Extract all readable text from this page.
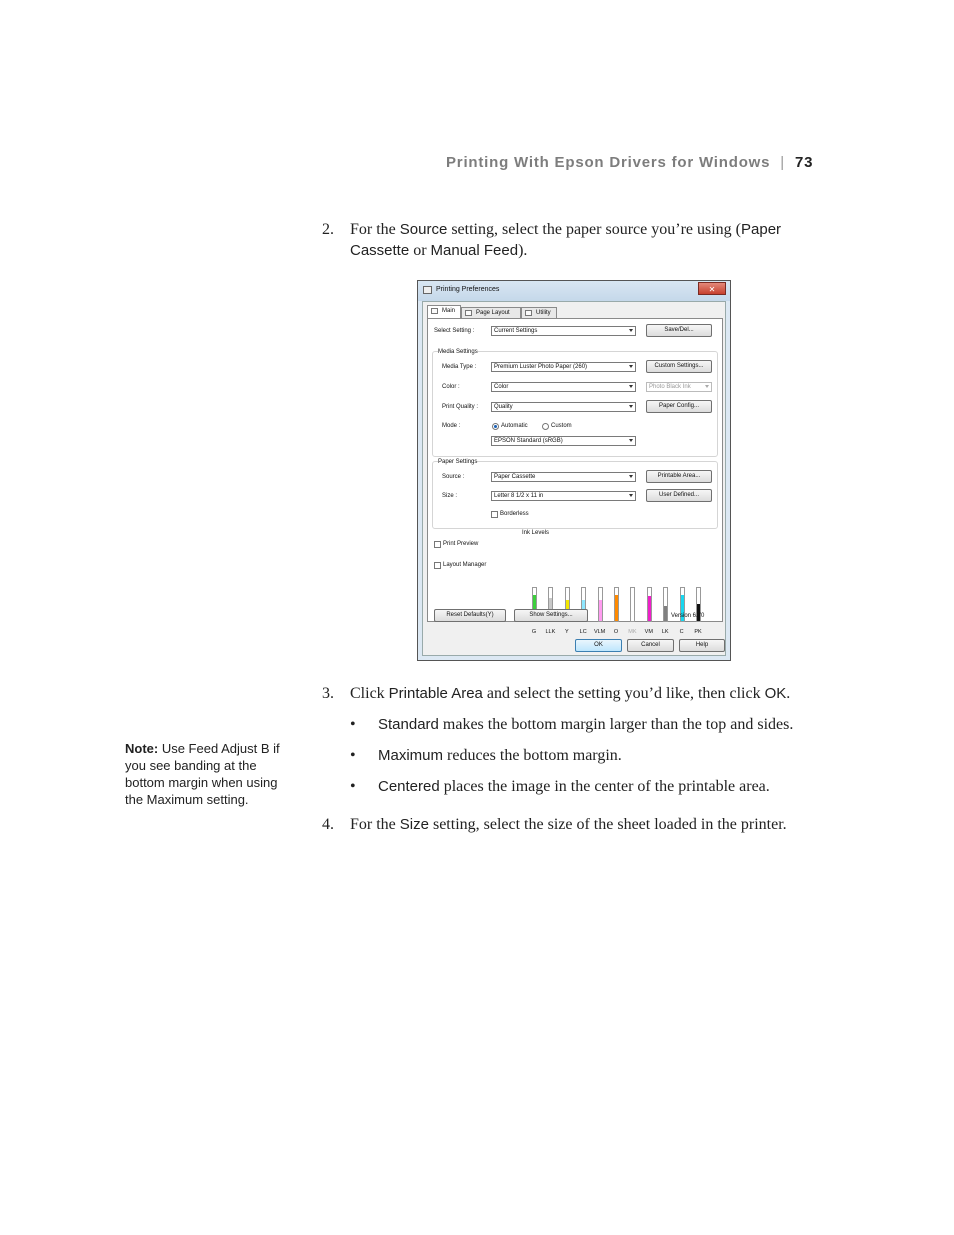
Printing With Epson Drivers for Windows | 73
2.	For the Source setting, select the paper source you’re using (Paper
Cassette or Manual Feed).
Printing Preferences	✕
Main	Page Layout	Utility
Select Setting :	Current Settings	Save/Del...
Media Settings
Media Type :	Premium Luster Photo Paper (260)	Custom Settings...
Color :	Color	Photo Black Ink
Print Quality :	Quality	Paper Config...
Mode :	Automatic	Custom
EPSON Standard (sRGB)
Paper Settings
Source :	Paper Cassette	Printable Area...
Size :	Letter 8 1/2 x 11 in	User Defined...
Borderless
Print Preview
Layout Manager
Ink Levels
G	LLK	Y	LC	VLM	O	MK	VM	LK	C	PK
Reset Defaults(Y)	Show Settings...	Version 6.70
OK	Cancel	Help
3.	Click Printable Area and select the setting you’d like, then click OK.
• Standard makes the bottom margin larger than the top and sides.
• Maximum reduces the bottom margin.
• Centered places the image in the center of the printable area.
4.	For the Size setting, select the size of the sheet loaded in the printer.
Note: Use Feed Adjust B if you see banding at the bottom margin when using the Maximum setting.
